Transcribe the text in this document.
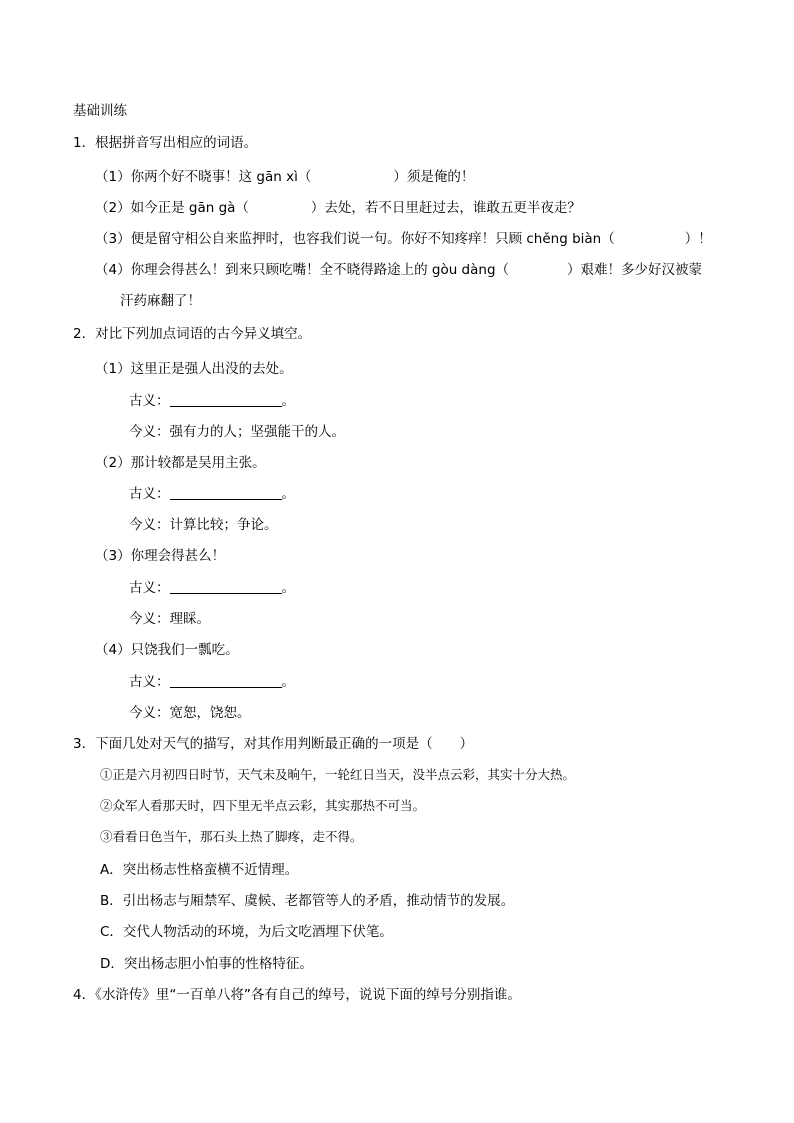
基础训练
1．根据拼音写出相应的词语。
（1）你两个好不晓事！这 gān xì（	）须是俺的！
（2）如今正是 gān gà（	）去处，若不日里赶过去，谁敢五更半夜走？
（3）便是留守相公自来监押时，也容我们说一句。你好不知疼痒！只顾 chěng biàn（	）！
（4）你理会得甚么！到来只顾吃嘴！全不晓得路途上的 gòu dàng（	）艰难！多少好汉被蒙
汗药麻翻了！
2．对比下列加点词语的古今异义填空。
（1）这里正是强人出没的去处。
古义：	。
今义：强有力的人；坚强能干的人。
（2）那计较都是吴用主张。
古义：	。
今义：计算比较；争论。
（3）你理会得甚么！
古义：	。
今义：理睬。
（4）只饶我们一瓢吃。
古义：	。
今义：宽恕，饶恕。
3．下面几处对天气的描写，对其作用判断最正确的一项是（　　）
①正是六月初四日时节，天气未及晌午，一轮红日当天，没半点云彩，其实十分大热。
②众军人看那天时，四下里无半点云彩，其实那热不可当。
③看看日色当午，那石头上热了脚疼，走不得。
A．突出杨志性格蛮横不近情理。
B．引出杨志与厢禁军、虞候、老都管等人的矛盾，推动情节的发展。
C．交代人物活动的环境，为后文吃酒埋下伏笔。
D．突出杨志胆小怕事的性格特征。
4．《水浒传》里“一百单八将”各有自己的绰号，说说下面的绰号分别指谁。
